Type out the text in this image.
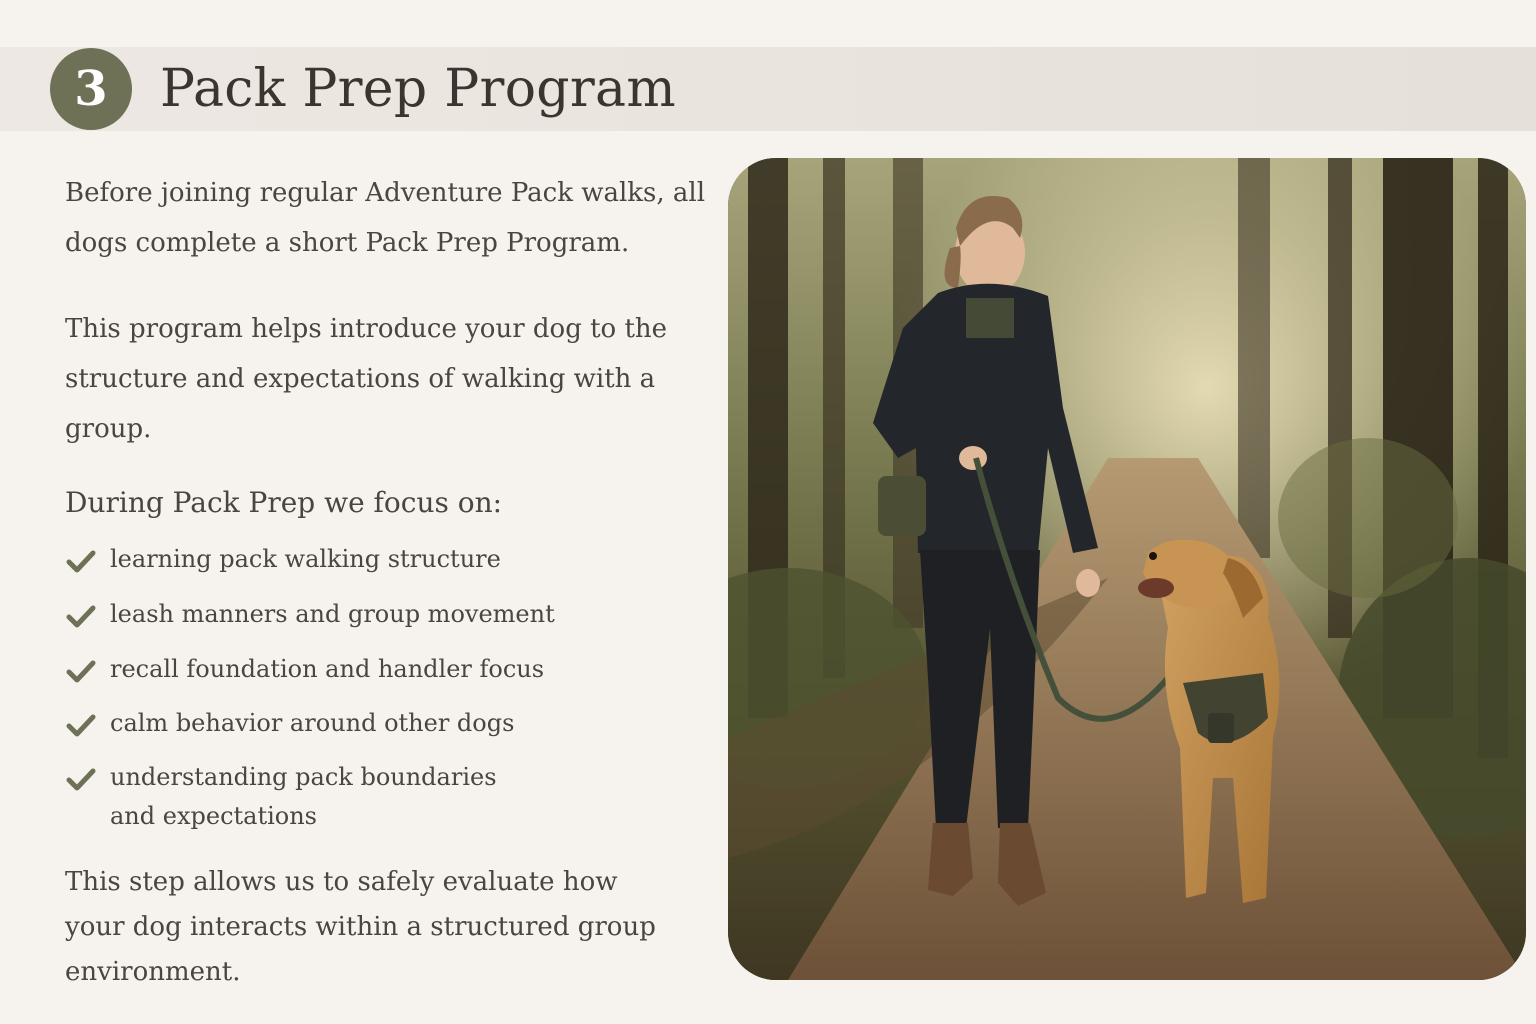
3	Pack Prep Program

Before joining regular Adventure Pack walks, all dogs complete a short Pack Prep Program.

This program helps introduce your dog to the structure and expectations of walking with a group.

During Pack Prep we focus on:
learning pack walking structure
leash manners and group movement
recall foundation and handler focus
calm behavior around other dogs
understanding pack boundaries and expectations

This step allows us to safely evaluate how your dog interacts within a structured group environment.
